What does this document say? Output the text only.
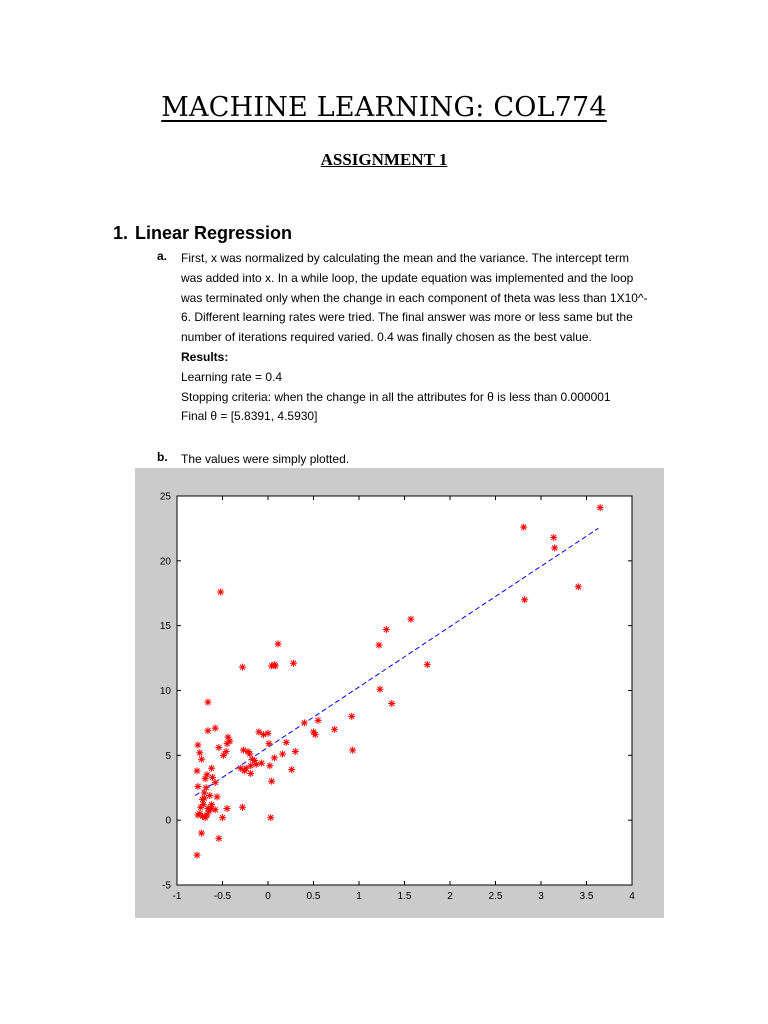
MACHINE LEARNING: COL774
ASSIGNMENT 1
1. Linear Regression
a. First, x was normalized by calculating the mean and the variance. The intercept term
was added into x. In a while loop, the update equation was implemented and the loop
was terminated only when the change in each component of theta was less than 1X10^-
6. Different learning rates were tried. The final answer was more or less same but the
number of iterations required varied. 0.4 was finally chosen as the best value.
Results:
Learning rate = 0.4
Stopping criteria: when the change in all the attributes for θ is less than 0.000001
Final θ = [5.8391, 4.5930]
b. The values were simply plotted.
-1	-0.5	0	0.5	1	1.5	2	2.5	3	3.5	4
-5
0
5
10
15
20
25
